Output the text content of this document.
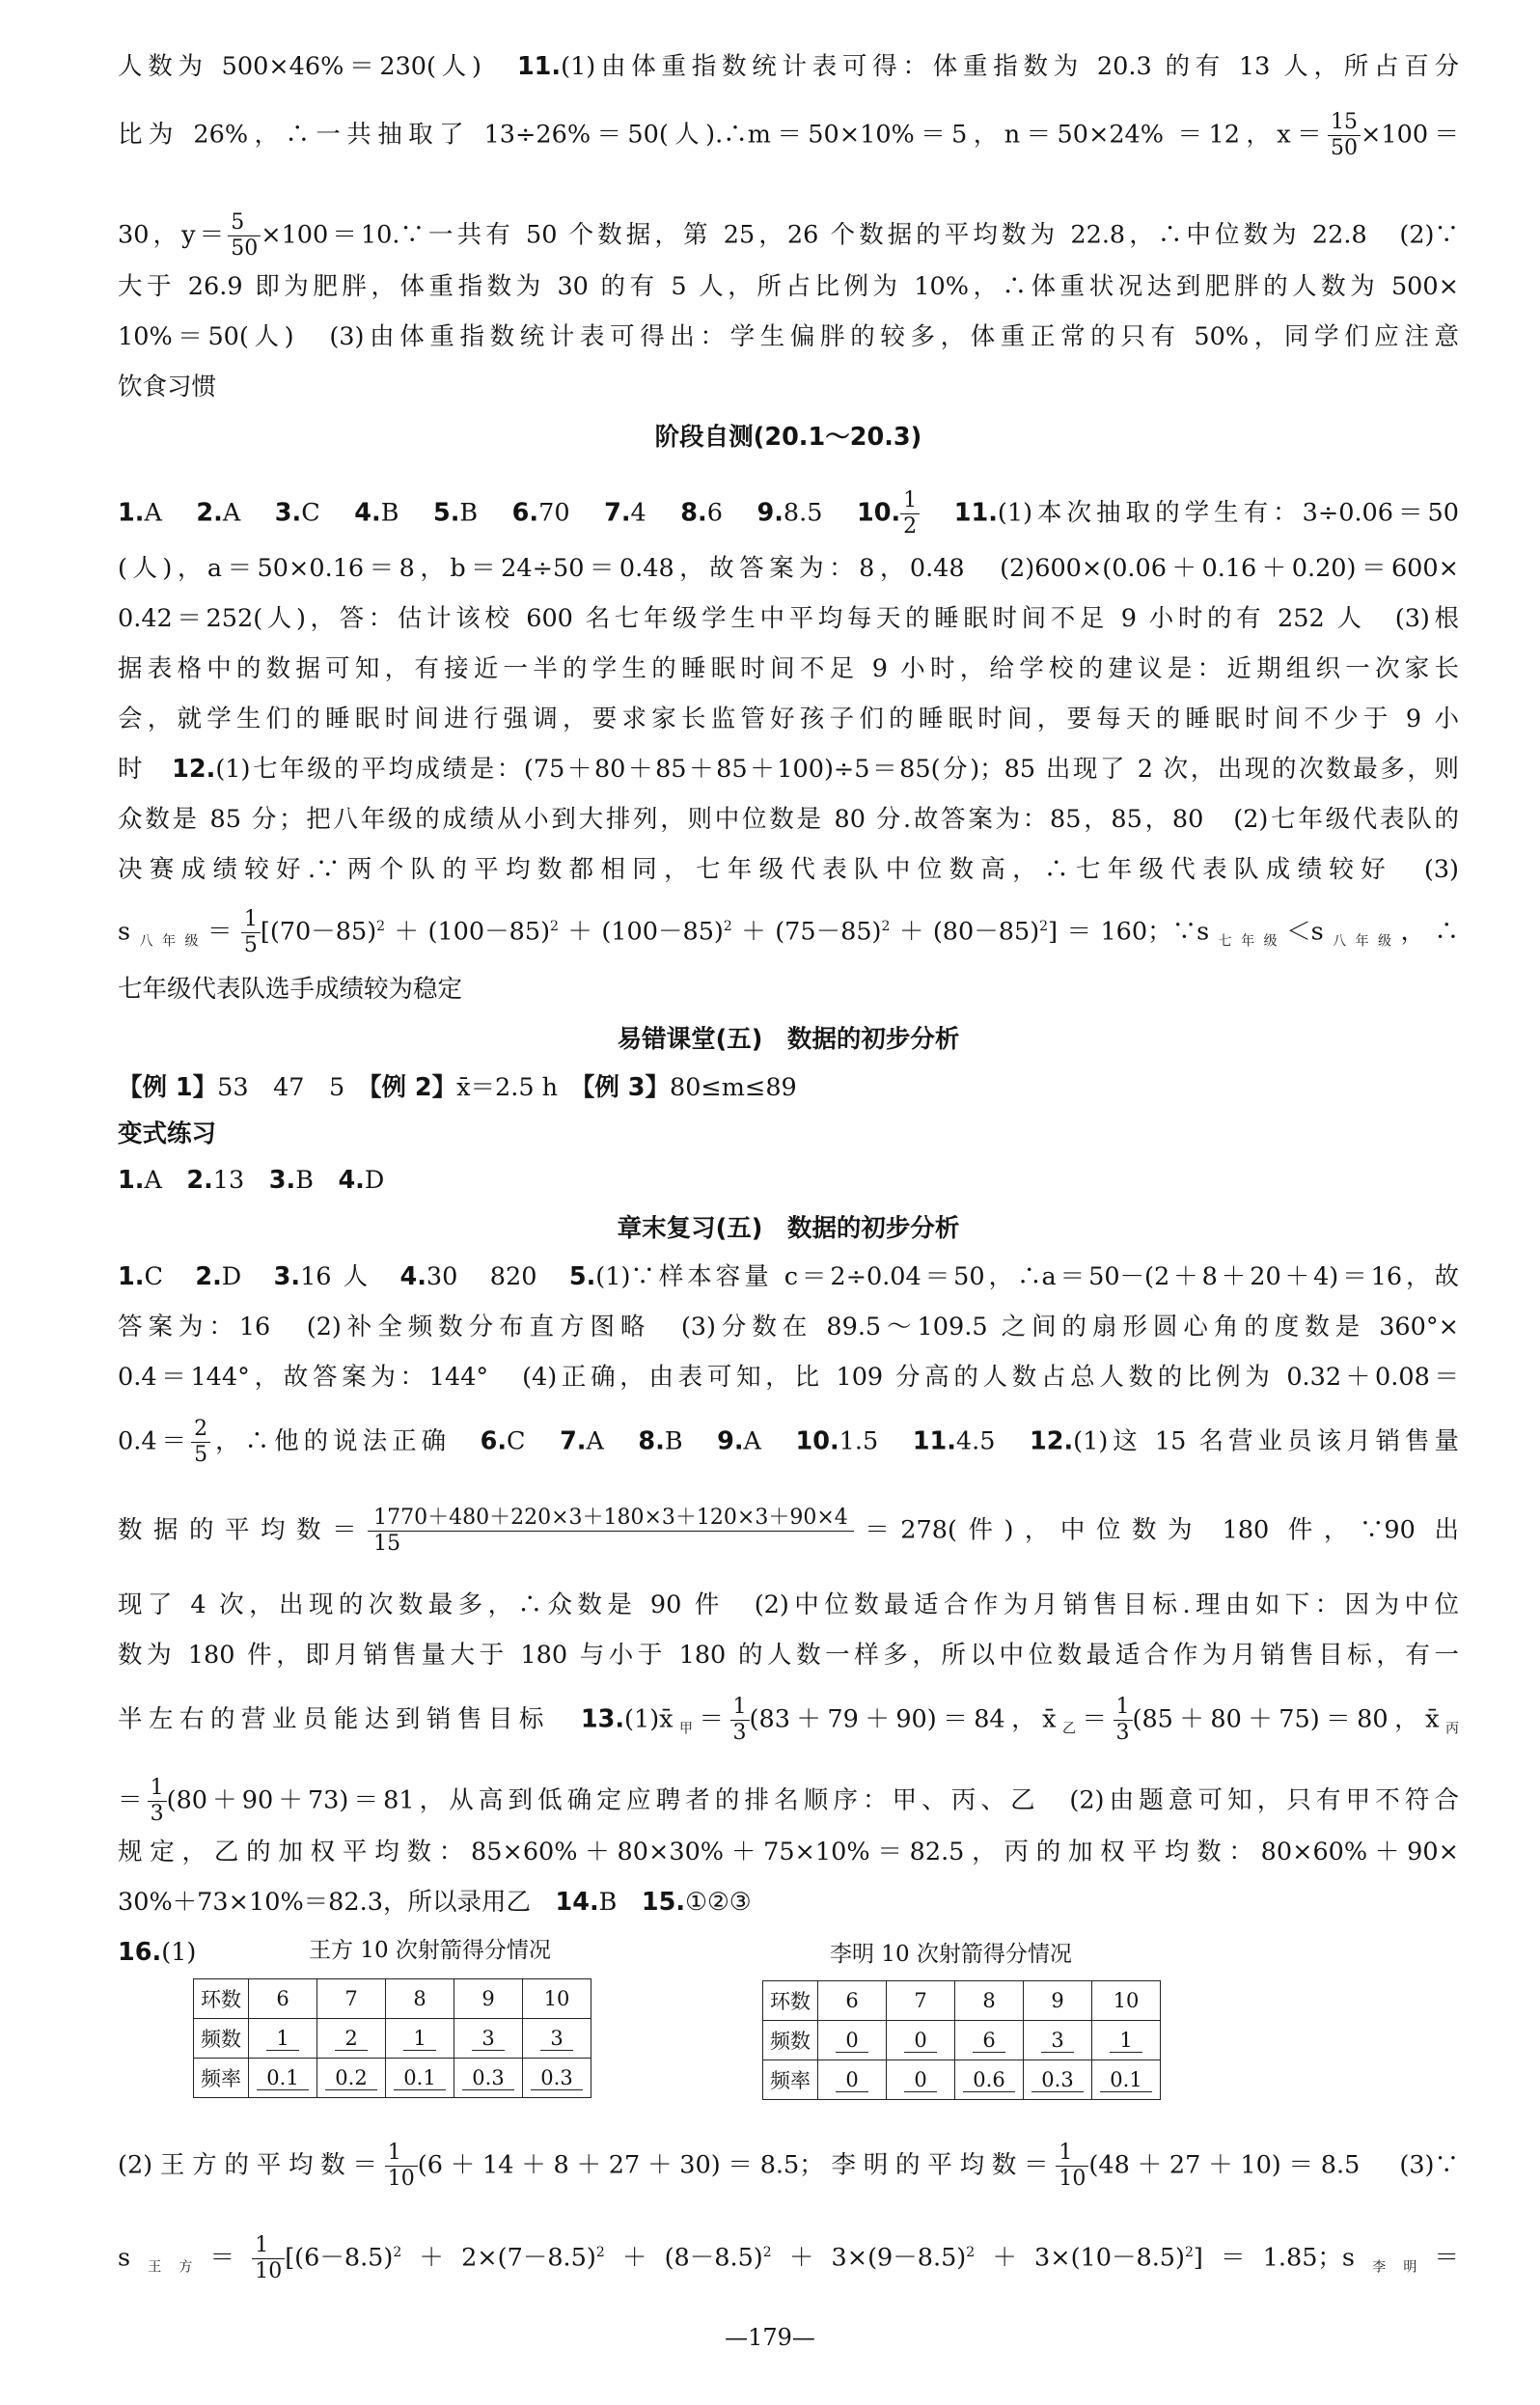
人数为 500×46%＝230(人)　11.(1)由体重指数统计表可得：体重指数为 20.3 的有 13 人，所占百分
比为 26%，∴一共抽取了 13÷26%＝50(人).∴m＝50×10%＝5，n＝50×24% ＝12，$x= \frac{15}{50} \times 100=$
30，$y= \frac{5}{50}$ ×100＝10.∵一共有 50 个数据，第 25，26 个数据的平均数为 22.8，∴中位数为 22.8　(2)∵
大于 26.9 即为肥胖，体重指数为 30 的有 5 人，所占比例为 10%，∴体重状况达到肥胖的人数为 500×
10%＝50(人)　(3)由体重指数统计表可得出：学生偏胖的较多，体重正常的只有 50%，同学们应注意
饮食习惯
阶段自测(20.1～20.3)
1.A　2.A　3.C　4.B　5.B　6.70　7.4　8.6　9.8.5　10. $\frac{1}{2}$
　 11.(1)本次抽取的学生有：3÷0.06＝50
(人)，a＝50×0.16＝8，b＝24÷50＝0.48，故答案为：8，0.48　(2)600×(0.06＋0.16＋0.20)＝600×
0.42＝252(人)，答：估计该校 600 名七年级学生中平均每天的睡眠时间不足 9 小时的有 252 人　(3)根
据表格中的数据可知，有接近一半的学生的睡眠时间不足 9 小时，给学校的建议是：近期组织一次家长
会，就学生们的睡眠时间进行强调，要求家长监管好孩子们的睡眠时间，要每天的睡眠时间不少于 9 小
时　12.(1)七年级的平均成绩是：(75＋80＋85＋85＋100)÷5＝85(分)；85 出现了 2 次，出现的次数最多，则
众数是 85 分；把八年级的成绩从小到大排列，则中位数是 80 分.故答案为：85，85，80　(2)七年级代表队的
决赛成绩较好.∵两个队的平均数都相同，七年级代表队中位数高，∴七年级代表队成绩较好　(3)
$s_{八年级}= \frac{1}{5} [(70-85)^2+(100-85)^2+(100-85)^2+(75-85)^2+(80-85)^2]=160$；$\because s_{七年级}<s_{八年级}$，∴
七年级代表队选手成绩较为稳定
易错课堂(五)　数据的初步分析
【例 1】53　47　5　【例 2】x̄＝2.5 h　【例 3】80≤m≤89
变式练习
1.A　2.13　3.B　4.D
章末复习(五)　数据的初步分析
1.C　2.D　3.16 人　4.30　820　5.(1)∵样本容量 c＝2÷0.04＝50，∴a＝50－(2＋8＋20＋4)＝16，故
答案为：16　(2)补全频数分布直方图略　(3)分数在 89.5～109.5 之间的扇形圆心角的度数是 360°×
0.4＝144°，故答案为：144°　(4)正确，由表可知，比 109 分高的人数占总人数的比例为 0.32＋0.08＝
$0.4= \frac{2}{5}$ ，∴他的说法正确　6.C　7.A　8.B　9.A　10.1.5　11.4.5　12.(1)这 15 名营业员该月销售量
数据的平均数＝ $\frac{1770+480+220\times 3+180\times 3+120\times 3+90\times 4}{15} =278$(件)，中位数为 180 件，∵90 出
现了 4 次，出现的次数最多，∴众数是 90 件　(2)中位数最适合作为月销售目标.理由如下：因为中位
数为 180 件，即月销售量大于 180 与小于 180 的人数一样多，所以中位数最适合作为月销售目标，有一
半左右的营业员能达到销售目标　$13.(1)x̄_甲= \frac{1}{3} (83+79+90)=84$，$x̄_乙= \frac{1}{3} (85+80+75)=80$，$x̄_丙$
＝ $\frac{1}{3} (80+90+73)=81$，从高到低确定应聘者的排名顺序：甲、丙、乙　(2)由题意可知，只有甲不符合
规定，乙的加权平均数：85×60%＋80×30%＋75×10%＝82.5，丙的加权平均数：80×60%＋90×
30%＋73×10%＝82.3，所以录用乙　14.B　15.①②③
16.(1)	王方 10 次射箭得分情况	李明 10 次射箭得分情况
环数	6	7	8	9	10
频数	1	2	1	3	3
频率	0.1	0.2	0.1	0.3	0.3
环数	6	7	8	9	10
频数	0	0	6	3	1
频率	0	0	0.6	0.3	0.1
(2)王方的平均数＝ $\frac{1}{10} (6+14+8+27+30)=8.5$；李明的平均数＝ $\frac{1}{10} (48+27+10)=8.5$　(3)∵
$s_{王方}= \frac{1}{10} [(6-8.5)^2+2\times(7-8.5)^2+(8-8.5)^2+3\times(9-8.5)^2+3\times(10-8.5)^2]=1.85$；$s_{李明}=$
—179—
